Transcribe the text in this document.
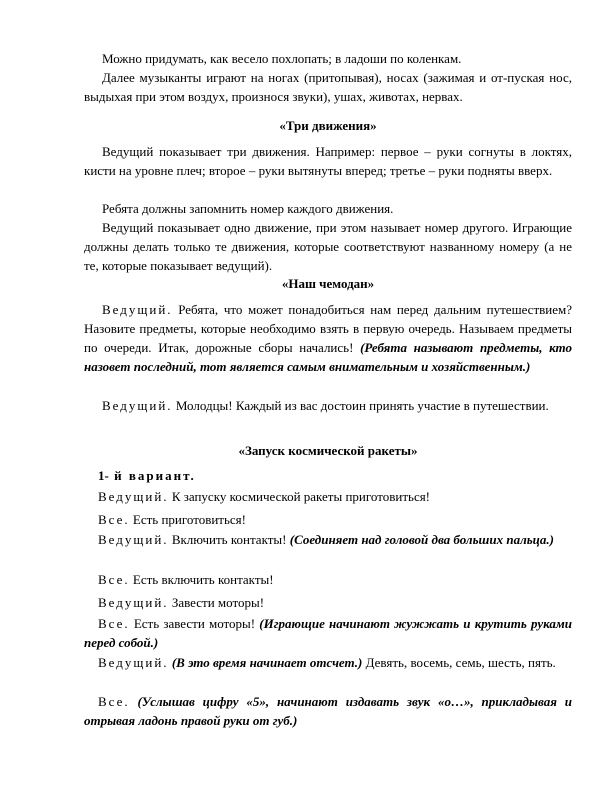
Можно придумать, как весело похлопать; в ладоши по коленкам.

Далее музыканты играют на ногах (притопывая), носах (зажимая и от-пуская нос, выдыхая при этом воздух, произнося звуки), ушах, животах, нервах.

«Три движения»

Ведущий показывает три движения. Например: первое – руки согнуты в локтях, кисти на уровне плеч; второе – руки вытянуты вперед; третье – руки подняты вверх.

Ребята должны запомнить номер каждого движения.

Ведущий показывает одно движение, при этом называет номер другого. Играющие должны делать только те движения, которые соответствуют названному номеру (а не те, которые показывает ведущий).

«Наш чемодан»

Ведущий. Ребята, что может понадобиться нам перед дальним путешествием? Назовите предметы, которые необходимо взять в первую очередь. Называем предметы по очереди. Итак, дорожные сборы начались! (Ребята называют предметы, кто назовет последний, тот является самым внимательным и хозяйственным.)

Ведущий. Молодцы! Каждый из вас достоин принять участие в путешествии.

«Запуск космической ракеты»

1- й вариант.

Ведущий. К запуску космической ракеты приготовиться!

Все. Есть приготовиться!

Ведущий. Включить контакты! (Соединяет над головой два больших пальца.)

Все. Есть включить контакты!

Ведущий. Завести моторы!

Все. Есть завести моторы! (Играющие начинают жужжать и крутить руками перед собой.)

Ведущий. (В это время начинает отсчет.) Девять, восемь, семь, шесть, пять.

Все. (Услышав цифру «5», начинают издавать звук «о…», прикладывая и отрывая ладонь правой руки от губ.)
